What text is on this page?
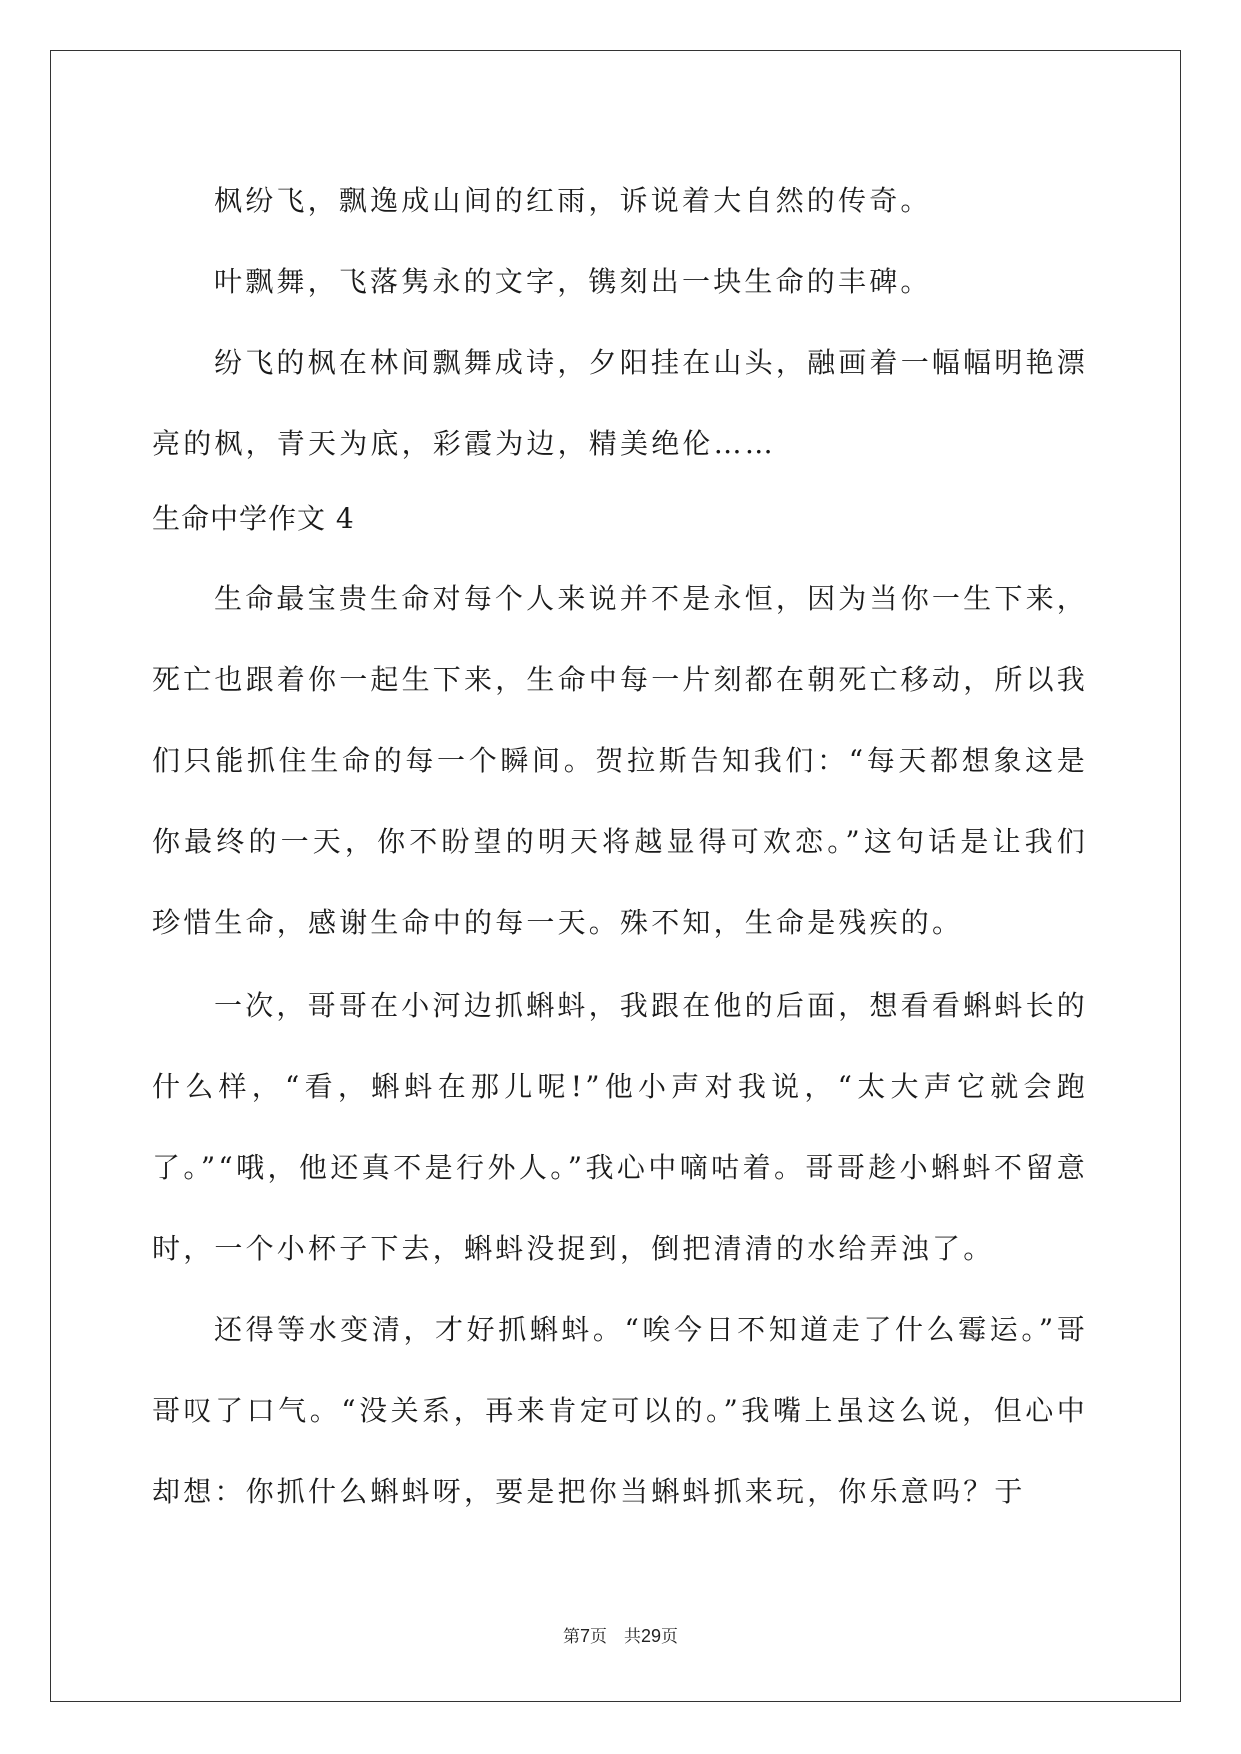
枫纷飞，飘逸成山间的红雨，诉说着大自然的传奇。

叶飘舞，飞落隽永的文字，镌刻出一块生命的丰碑。

纷飞的枫在林间飘舞成诗，夕阳挂在山头，融画着一幅幅明艳漂亮的枫，青天为底，彩霞为边，精美绝伦……

生命中学作文 4

生命最宝贵生命对每个人来说并不是永恒，因为当你一生下来，死亡也跟着你一起生下来，生命中每一片刻都在朝死亡移动，所以我们只能抓住生命的每一个瞬间。贺拉斯告知我们：“每天都想象这是你最终的一天，你不盼望的明天将越显得可欢恋。”这句话是让我们珍惜生命，感谢生命中的每一天。殊不知，生命是残疾的。

一次，哥哥在小河边抓蝌蚪，我跟在他的后面，想看看蝌蚪长的什么样，“看，蝌蚪在那儿呢!”他小声对我说，“太大声它就会跑了。”“哦，他还真不是行外人。”我心中嘀咕着。哥哥趁小蝌蚪不留意时，一个小杯子下去，蝌蚪没捉到，倒把清清的水给弄浊了。

还得等水变清，才好抓蝌蚪。“唉今日不知道走了什么霉运。”哥哥叹了口气。“没关系，再来肯定可以的。”我嘴上虽这么说，但心中却想：你抓什么蝌蚪呀，要是把你当蝌蚪抓来玩，你乐意吗？于

第7页　共29页
